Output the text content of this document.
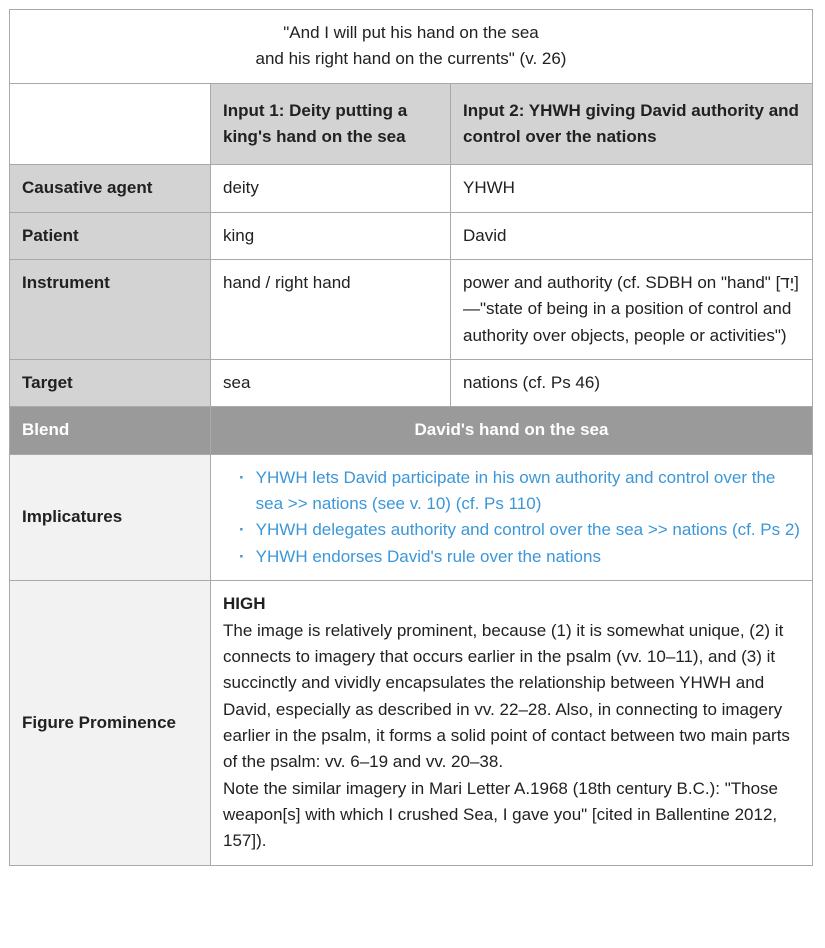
"And I will put his hand on the sea
and his right hand on the currents" (v. 26)		

	Input 1: Deity putting a king's hand on the sea	Input 2: YHWH giving David authority and control over the nations
Causative agent	deity	YHWH
Patient	king	David
Instrument	hand / right hand	power and authority (cf. SDBH on "hand" [יָד] —"state of being in a position of control and authority over objects, people or activities")
Target	sea	nations (cf. Ps 46)
Blend	David's hand on the sea	
Implicatures	
· YHWH lets David participate in his own authority and control over the sea >> nations (see v. 10) (cf. Ps 110)
· YHWH delegates authority and control over the sea >> nations (cf. Ps 2)
· YHWH endorses David's rule over the nations

Figure Prominence	HIGH

The image is relatively prominent, because (1) it is somewhat unique, (2) it connects to imagery that occurs earlier in the psalm (vv. 10–11), and (3) it succinctly and vividly encapsulates the relationship between YHWH and David, especially as described in vv. 22–28. Also, in connecting to imagery earlier in the psalm, it forms a solid point of contact between two main parts of the psalm: vv. 6–19 and vv. 20–38.

Note the similar imagery in Mari Letter A.1968 (18th century B.C.): "Those weapon[s] with which I crushed Sea, I gave you" [cited in Ballentine 2012, 157]).	
